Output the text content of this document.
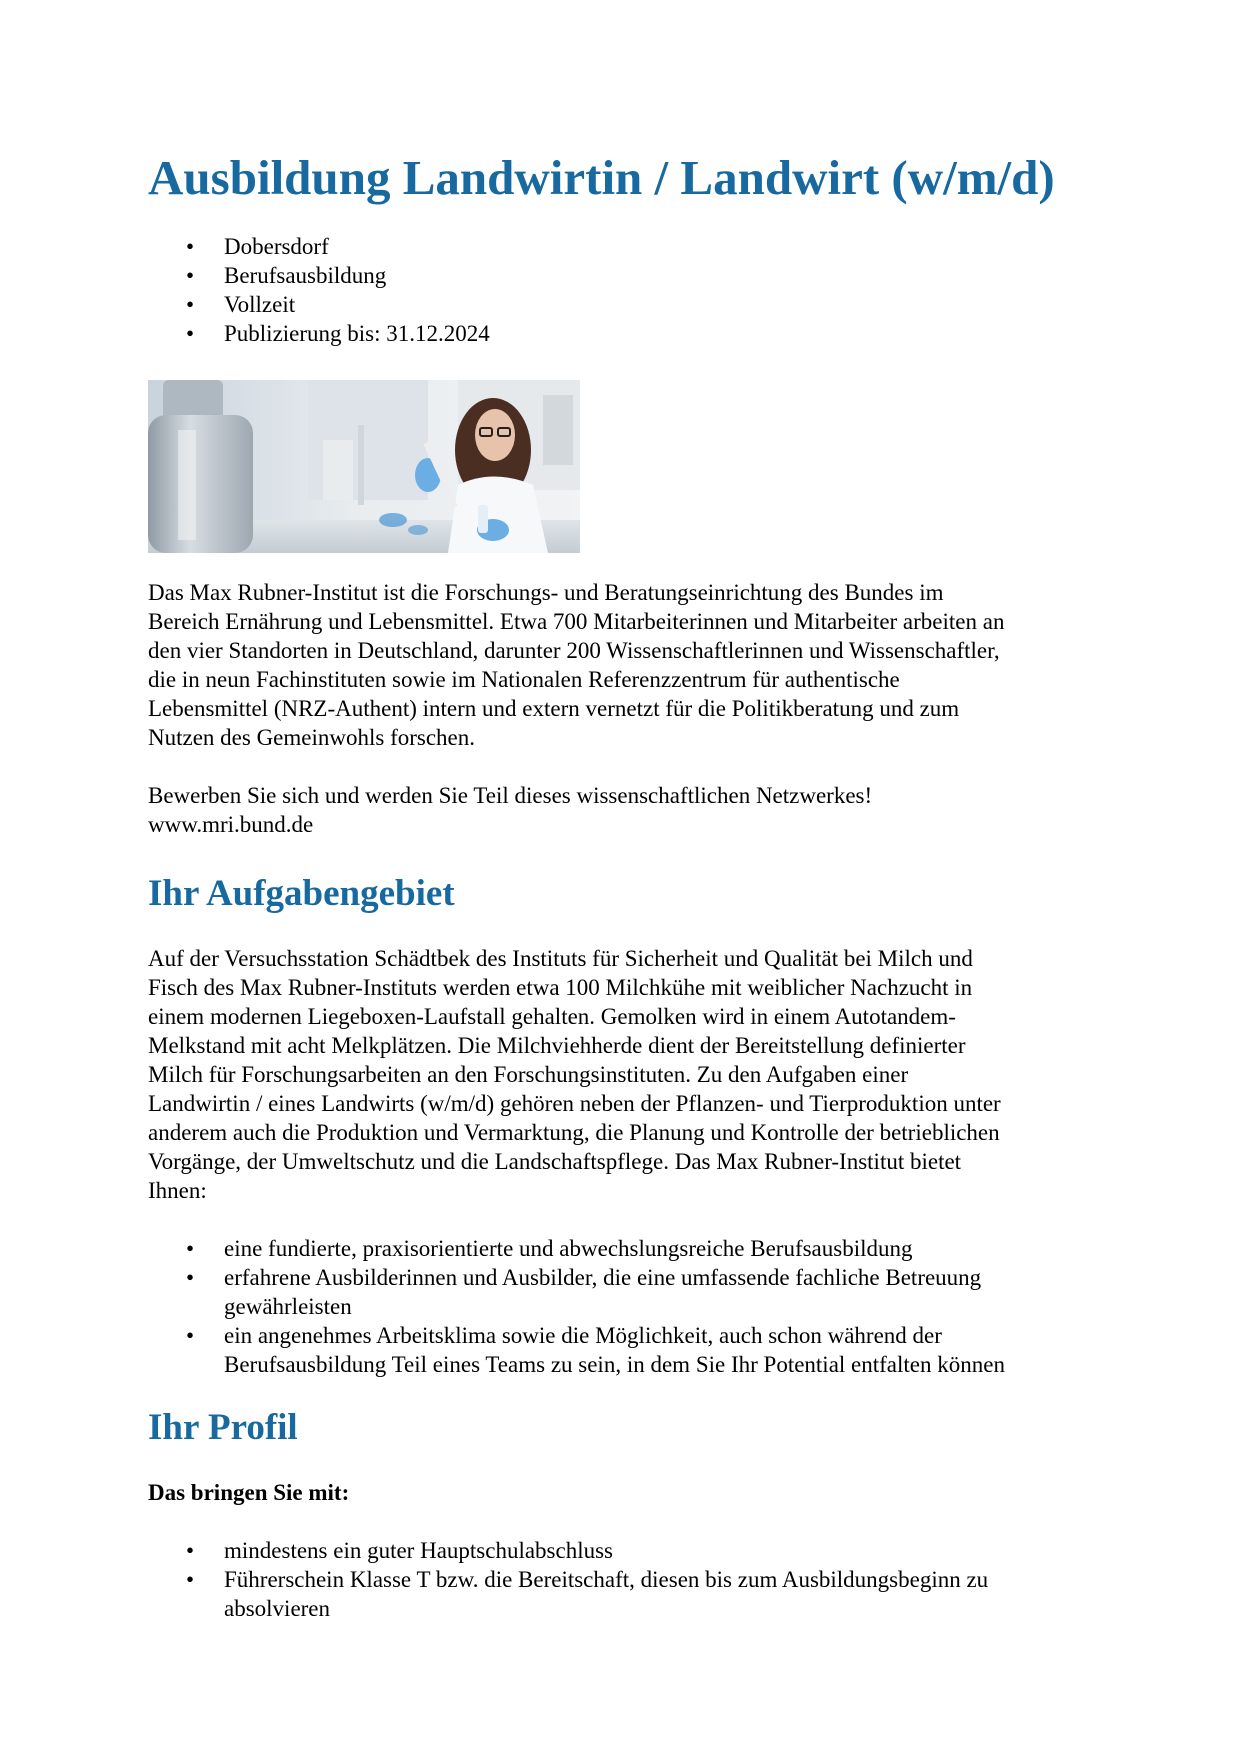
Ausbildung Landwirtin / Landwirt (w/m/d)
• Dobersdorf
• Berufsausbildung
• Vollzeit
• Publizierung bis: 31.12.2024
Das Max Rubner-Institut ist die Forschungs- und Beratungseinrichtung des Bundes im
Bereich Ernährung und Lebensmittel. Etwa 700 Mitarbeiterinnen und Mitarbeiter arbeiten an
den vier Standorten in Deutschland, darunter 200 Wissenschaftlerinnen und Wissenschaftler,
die in neun Fachinstituten sowie im Nationalen Referenzzentrum für authentische
Lebensmittel (NRZ-Authent) intern und extern vernetzt für die Politikberatung und zum
Nutzen des Gemeinwohls forschen.
Bewerben Sie sich und werden Sie Teil dieses wissenschaftlichen Netzwerkes!
www.mri.bund.de
Ihr Aufgabengebiet
Auf der Versuchsstation Schädtbek des Instituts für Sicherheit und Qualität bei Milch und
Fisch des Max Rubner-Instituts werden etwa 100 Milchkühe mit weiblicher Nachzucht in
einem modernen Liegeboxen-Laufstall gehalten. Gemolken wird in einem Autotandem-
Melkstand mit acht Melkplätzen. Die Milchviehherde dient der Bereitstellung definierter
Milch für Forschungsarbeiten an den Forschungsinstituten. Zu den Aufgaben einer
Landwirtin / eines Landwirts (w/m/d) gehören neben der Pflanzen- und Tierproduktion unter
anderem auch die Produktion und Vermarktung, die Planung und Kontrolle der betrieblichen
Vorgänge, der Umweltschutz und die Landschaftspflege. Das Max Rubner-Institut bietet
Ihnen:
• eine fundierte, praxisorientierte und abwechslungsreiche Berufsausbildung
• erfahrene Ausbilderinnen und Ausbilder, die eine umfassende fachliche Betreuung
gewährleisten
• ein angenehmes Arbeitsklima sowie die Möglichkeit, auch schon während der
Berufsausbildung Teil eines Teams zu sein, in dem Sie Ihr Potential entfalten können
Ihr Profil
Das bringen Sie mit:
• mindestens ein guter Hauptschulabschluss
• Führerschein Klasse T bzw. die Bereitschaft, diesen bis zum Ausbildungsbeginn zu
absolvieren
